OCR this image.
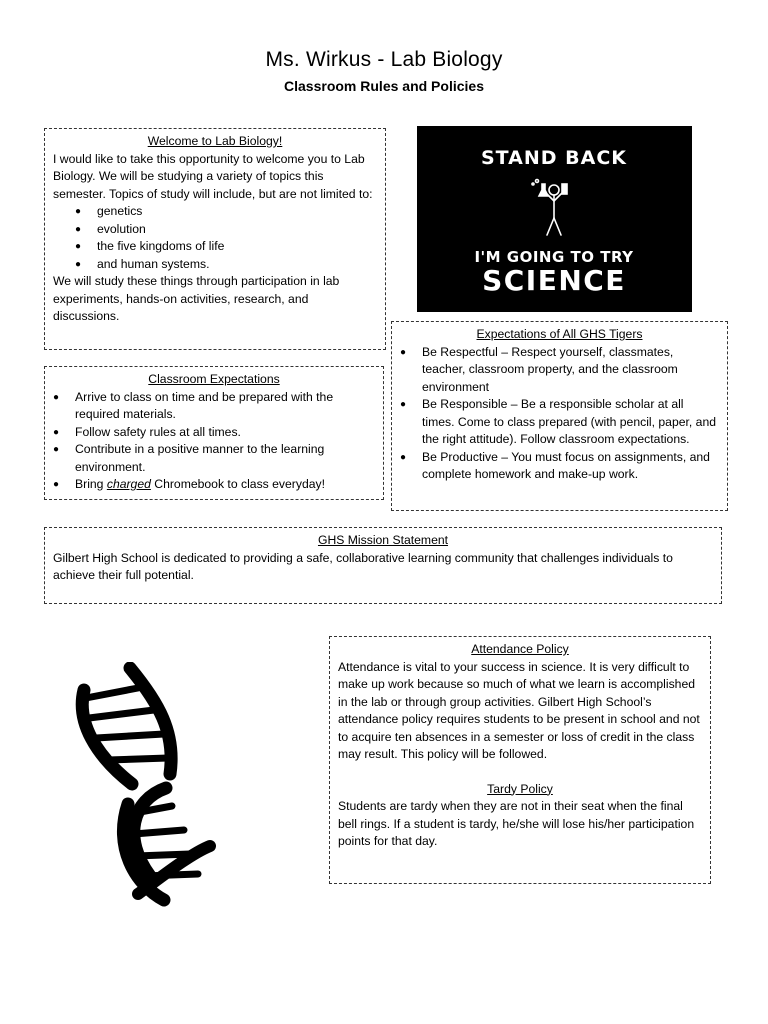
Ms. Wirkus - Lab Biology
Classroom Rules and Policies
Welcome to Lab Biology!

I would like to take this opportunity to welcome you to Lab Biology. We will be studying a variety of topics this semester. Topics of study will include, but are not limited to:

● genetics
● evolution
● the five kingdoms of life
● and human systems.

We will study these things through participation in lab experiments, hands-on activities, research, and discussions.

STAND BACK
I'M GOING TO TRY
SCIENCE
Expectations of All GHS Tigers
● Be Respectful – Respect yourself, classmates, teacher, classroom property, and the classroom environment
● Be Responsible – Be a responsible scholar at all times. Come to class prepared (with pencil, paper, and the right attitude). Follow classroom expectations.
● Be Productive – You must focus on assignments, and complete homework and make-up work.
Classroom Expectations
● Arrive to class on time and be prepared with the required materials.
● Follow safety rules at all times.
● Contribute in a positive manner to the learning environment.
● Bring charged Chromebook to class everyday!
GHS Mission Statement

Gilbert High School is dedicated to providing a safe, collaborative learning community that challenges individuals to achieve their full potential.

Attendance Policy

Attendance is vital to your success in science. It is very difficult to make up work because so much of what we learn is accomplished in the lab or through group activities. Gilbert High School’s attendance policy requires students to be present in school and not to acquire ten absences in a semester or loss of credit in the class may result. This policy will be followed.

Tardy Policy

Students are tardy when they are not in their seat when the final bell rings. If a student is tardy, he/she will lose his/her participation points for that day.
